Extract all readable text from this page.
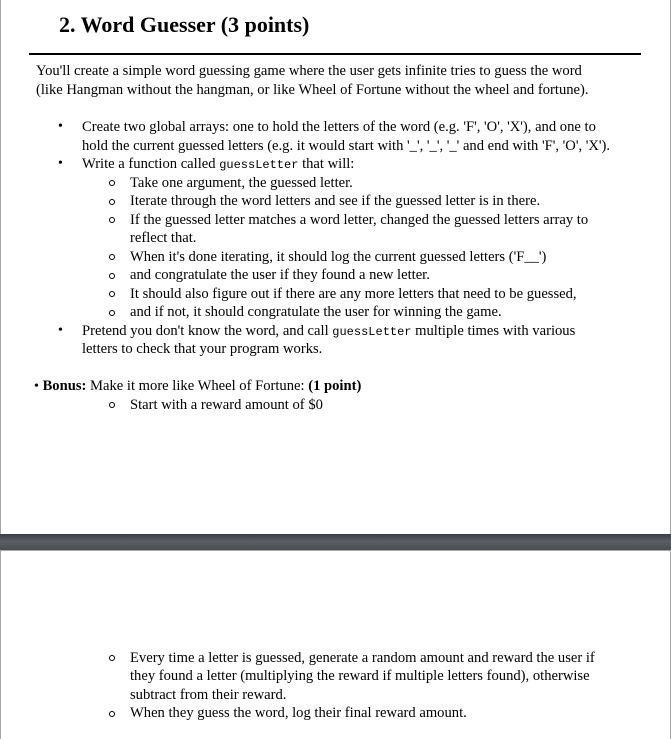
2. Word Guesser (3 points)
You'll create a simple word guessing game where the user gets infinite tries to guess the word
(like Hangman without the hangman, or like Wheel of Fortune without the wheel and fortune).
• Create two global arrays: one to hold the letters of the word (e.g. 'F', 'O', 'X'), and one to
hold the current guessed letters (e.g. it would start with '_', '_', '_' and end with 'F', 'O', 'X').
• Write a function called guessLetter that will:
Take one argument, the guessed letter.
Iterate through the word letters and see if the guessed letter is in there.
If the guessed letter matches a word letter, changed the guessed letters array to
reflect that.
When it's done iterating, it should log the current guessed letters ('F__')
and congratulate the user if they found a new letter.
It should also figure out if there are any more letters that need to be guessed,
and if not, it should congratulate the user for winning the game.
• Pretend you don't know the word, and call guessLetter multiple times with various
letters to check that your program works.
• Bonus: Make it more like Wheel of Fortune: (1 point)
Start with a reward amount of $0
Every time a letter is guessed, generate a random amount and reward the user if
they found a letter (multiplying the reward if multiple letters found), otherwise
subtract from their reward.
When they guess the word, log their final reward amount.
